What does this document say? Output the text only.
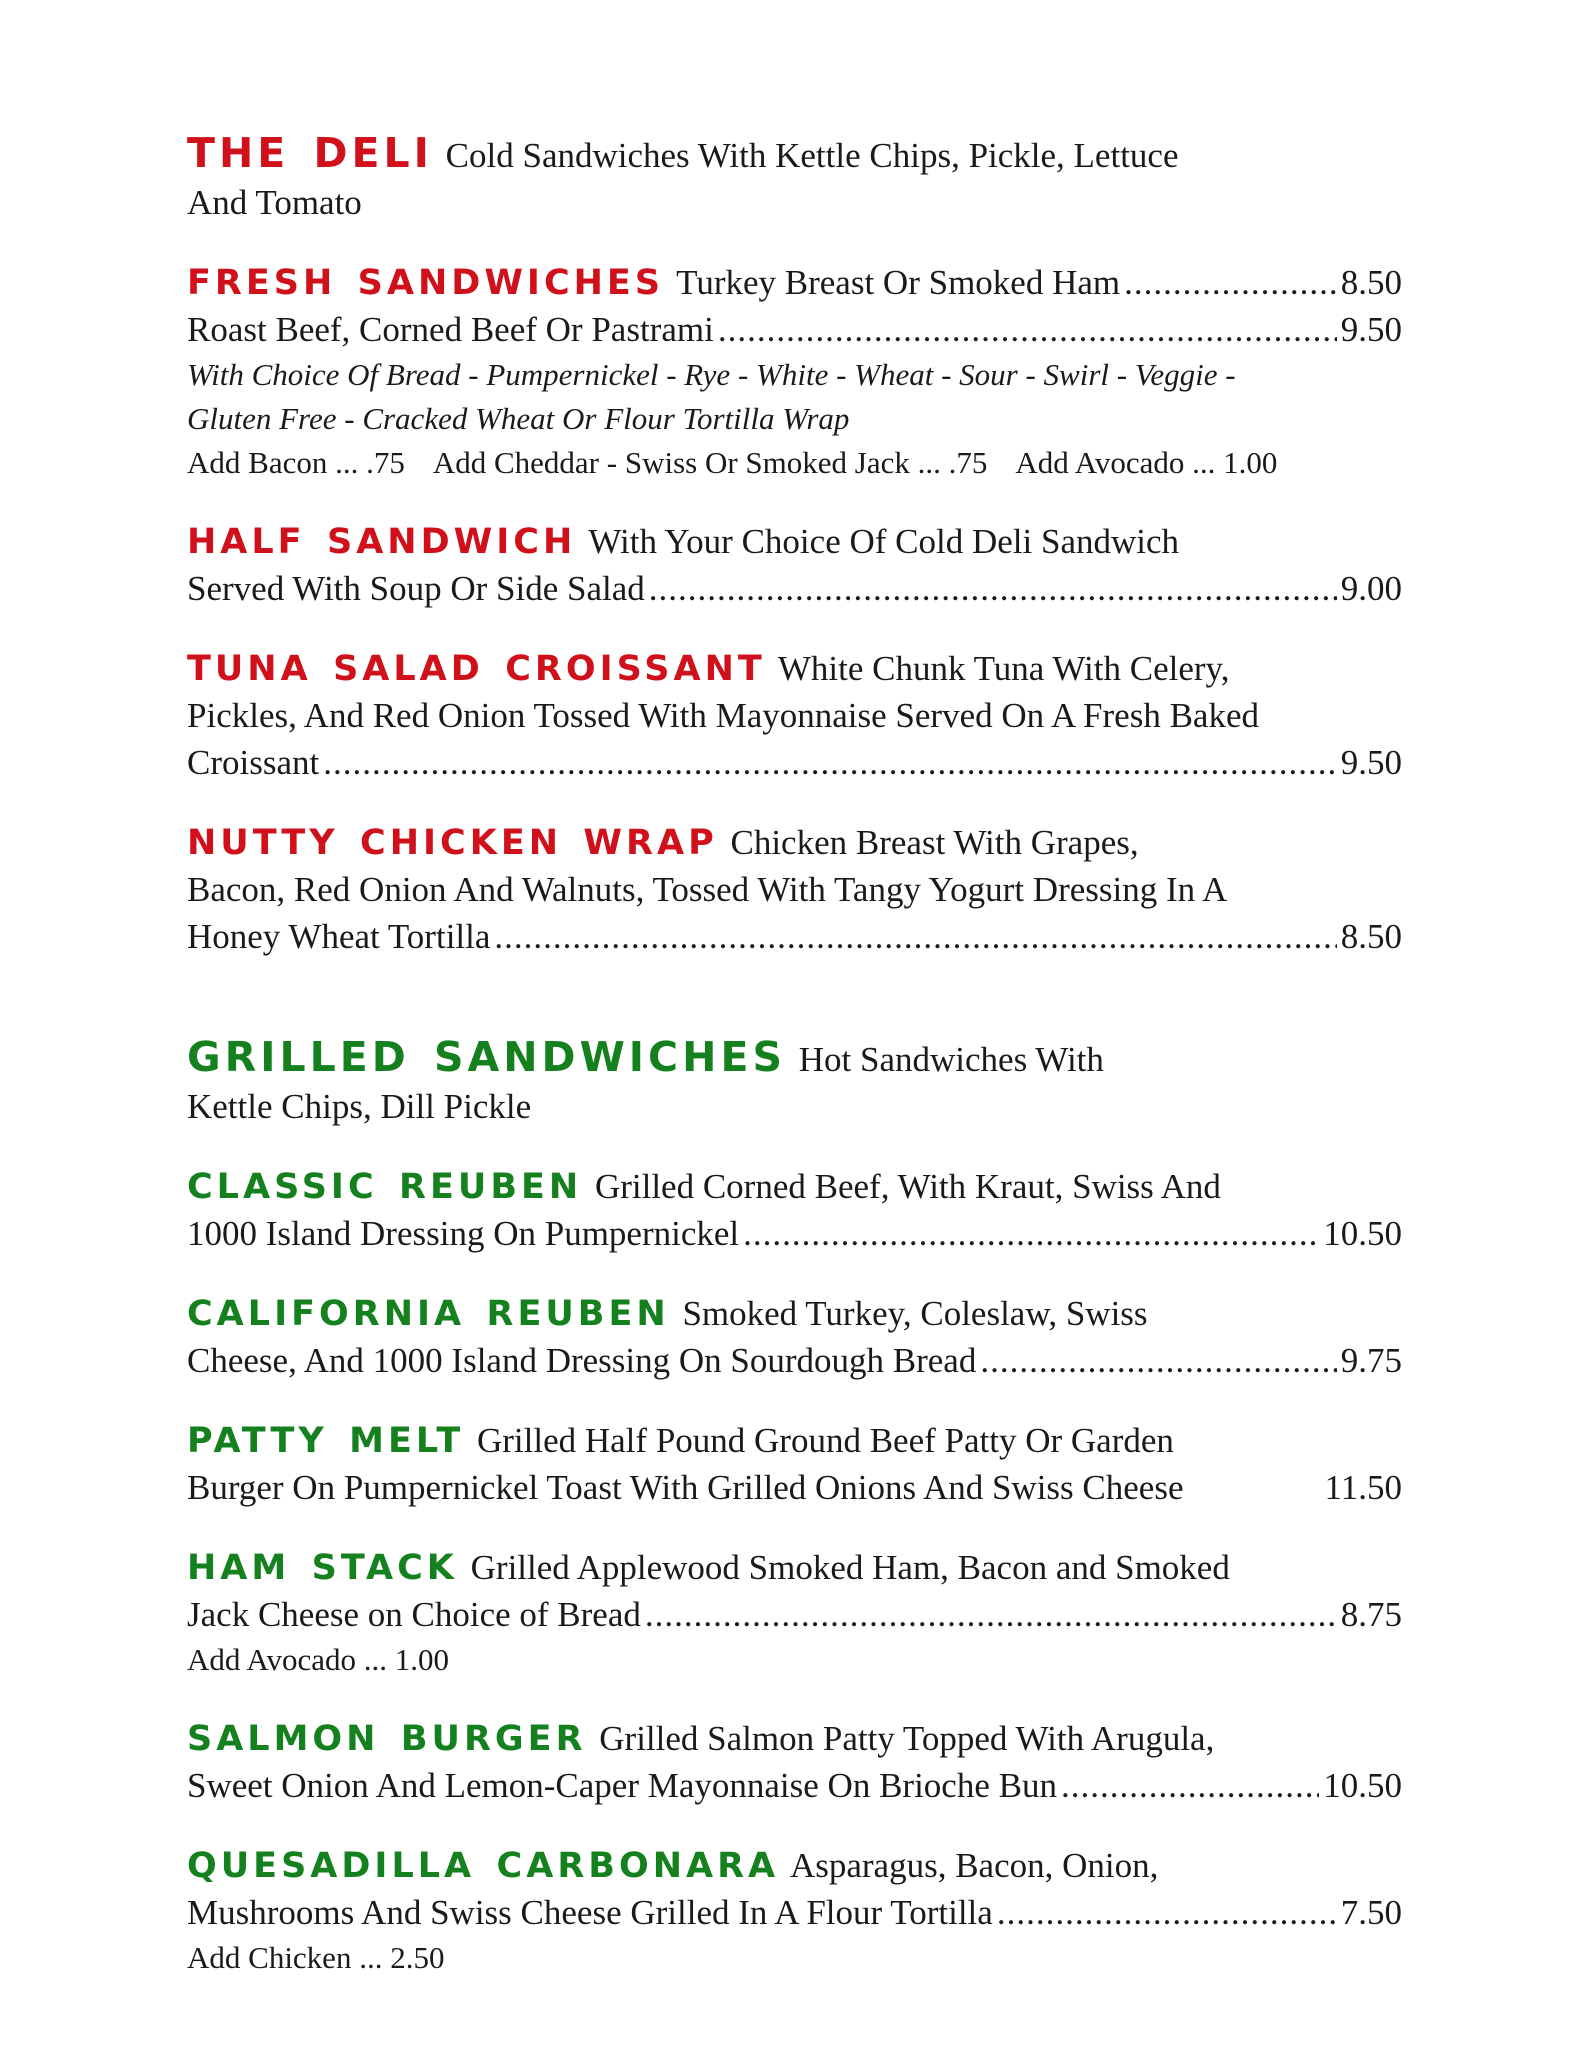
the deli Cold Sandwiches With Kettle Chips, Pickle, Lettuce
And Tomato
fresh sandwiches Turkey Breast Or Smoked Ham .....	8.50
Roast Beef, Corned Beef Or Pastrami .....	9.50
With Choice Of Bread - Pumpernickel - Rye - White - Wheat - Sour - Swirl - Veggie -
Gluten Free - Cracked Wheat Or Flour Tortilla Wrap
Add Bacon ... .75 Add Cheddar - Swiss Or Smoked Jack ... .75 Add Avocado ... 1.00
half sandwich With Your Choice Of Cold Deli Sandwich
Served With Soup Or Side Salad .....	9.00
tuna salad croissant White Chunk Tuna With Celery,
Pickles, And Red Onion Tossed With Mayonnaise Served On A Fresh Baked
Croissant .....	9.50
nutty chicken wrap Chicken Breast With Grapes,
Bacon, Red Onion And Walnuts, Tossed With Tangy Yogurt Dressing In A
Honey Wheat Tortilla .....	8.50
grilled sandwiches Hot Sandwiches With
Kettle Chips, Dill Pickle
classic reuben Grilled Corned Beef, With Kraut, Swiss And
1000 Island Dressing On Pumpernickel .....	10.50
california reuben Smoked Turkey, Coleslaw, Swiss
Cheese, And 1000 Island Dressing On Sourdough Bread .....	9.75
patty melt Grilled Half Pound Ground Beef Patty Or Garden
Burger On Pumpernickel Toast With Grilled Onions And Swiss Cheese	11.50
ham stack Grilled Applewood Smoked Ham, Bacon and Smoked
Jack Cheese on Choice of Bread .....	8.75
Add Avocado ... 1.00
salmon burger Grilled Salmon Patty Topped With Arugula,
Sweet Onion And Lemon-Caper Mayonnaise On Brioche Bun .....	10.50
quesadilla carbonara Asparagus, Bacon, Onion,
Mushrooms And Swiss Cheese Grilled In A Flour Tortilla .....	7.50
Add Chicken ... 2.50
